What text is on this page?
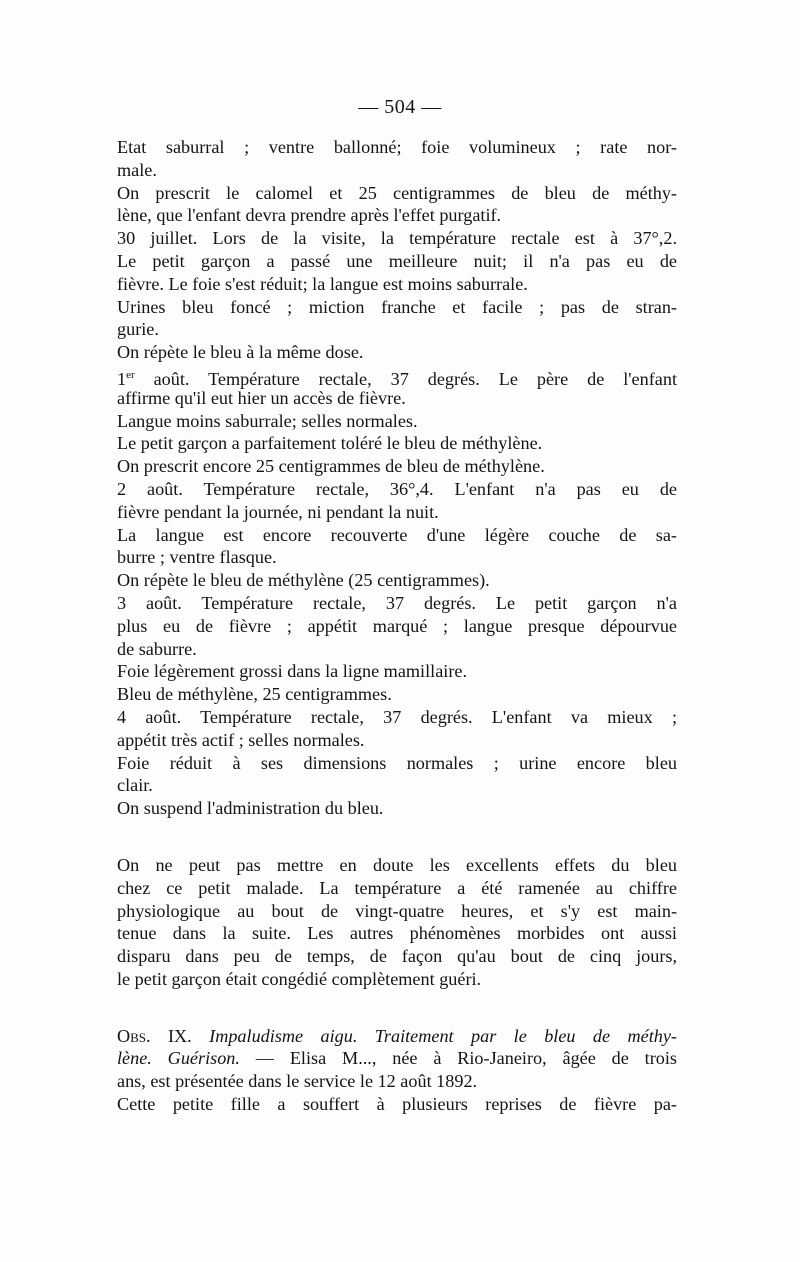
— 504 —
Etat saburral ; ventre ballonné; foie volumineux ; rate nor-
male.
On prescrit le calomel et 25 centigrammes de bleu de méthy-
lène, que l'enfant devra prendre après l'effet purgatif.
30 juillet. Lors de la visite, la température rectale est à 37°,2.
Le petit garçon a passé une meilleure nuit; il n'a pas eu de
fièvre. Le foie s'est réduit; la langue est moins saburrale.
Urines bleu foncé ; miction franche et facile ; pas de stran-
gurie.
On répète le bleu à la même dose.
1er août. Température rectale, 37 degrés. Le père de l'enfant
affirme qu'il eut hier un accès de fièvre.
Langue moins saburrale; selles normales.
Le petit garçon a parfaitement toléré le bleu de méthylène.
On prescrit encore 25 centigrammes de bleu de méthylène.
2 août. Température rectale, 36°,4. L'enfant n'a pas eu de
fièvre pendant la journée, ni pendant la nuit.
La langue est encore recouverte d'une légère couche de sa-
burre ; ventre flasque.
On répète le bleu de méthylène (25 centigrammes).
3 août. Température rectale, 37 degrés. Le petit garçon n'a
plus eu de fièvre ; appétit marqué ; langue presque dépourvue
de saburre.
Foie légèrement grossi dans la ligne mamillaire.
Bleu de méthylène, 25 centigrammes.
4 août. Température rectale, 37 degrés. L'enfant va mieux ;
appétit très actif ; selles normales.
Foie réduit à ses dimensions normales ; urine encore bleu
clair.
On suspend l'administration du bleu.
On ne peut pas mettre en doute les excellents effets du bleu
chez ce petit malade. La température a été ramenée au chiffre
physiologique au bout de vingt-quatre heures, et s'y est main-
tenue dans la suite. Les autres phénomènes morbides ont aussi
disparu dans peu de temps, de façon qu'au bout de cinq jours,
le petit garçon était congédié complètement guéri.
Obs. IX. Impaludisme aigu. Traitement par le bleu de méthy-
lène. Guérison. — Elisa M..., née à Rio-Janeiro, âgée de trois
ans, est présentée dans le service le 12 août 1892.
Cette petite fille a souffert à plusieurs reprises de fièvre pa-
